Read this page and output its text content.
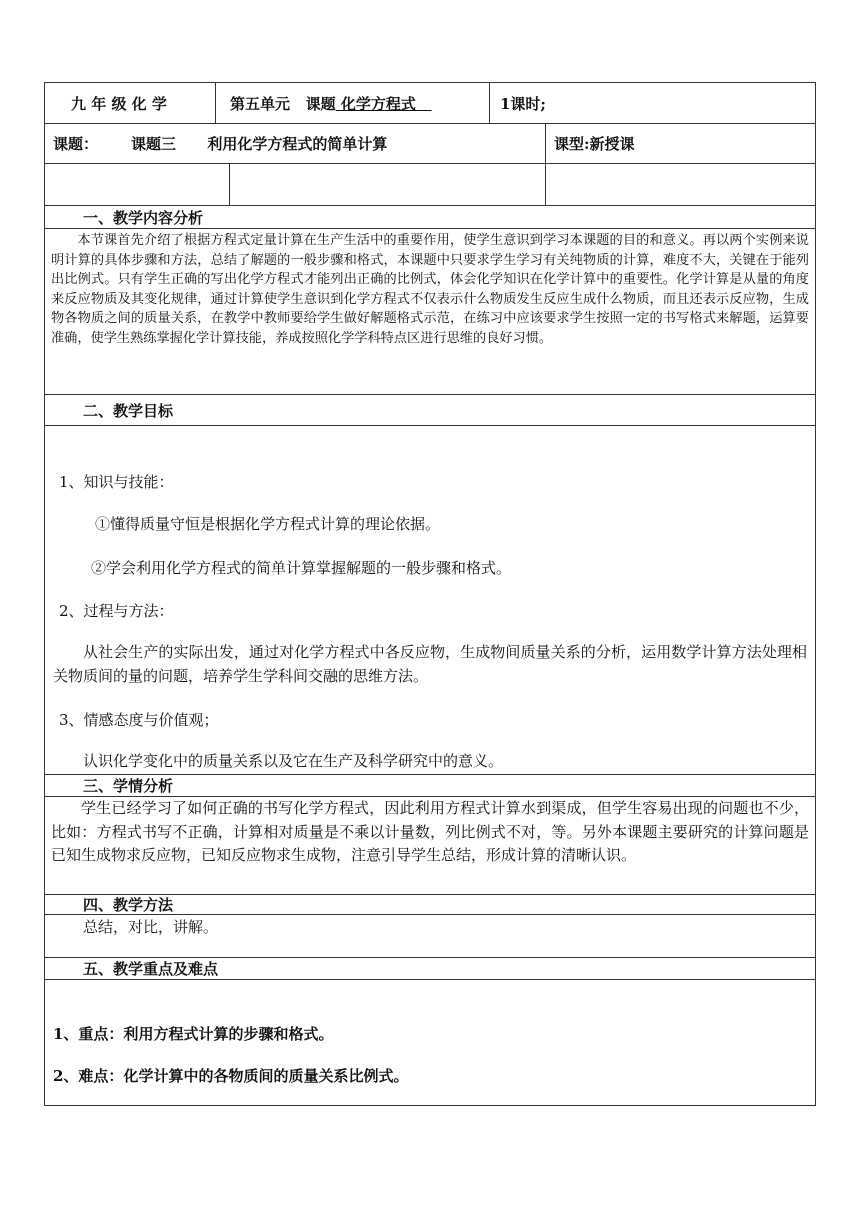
九 年 级 化 学	第五单元   课题 化学方程式	1课时;
课题：	课题三      利用化学方程式的简单计算	课型:新授课
一、教学内容分析
本节课首先介绍了根据方程式定量计算在生产生活中的重要作用，使学生意识到学习本课题的目的和意义。再以两个实例来说明计算的具体步骤和方法，总结了解题的一般步骤和格式，本课题中只要求学生学习有关纯物质的计算，难度不大，关键在于能列出比例式。只有学生正确的写出化学方程式才能列出正确的比例式，体会化学知识在化学计算中的重要性。化学计算是从量的角度来反应物质及其变化规律，通过计算使学生意识到化学方程式不仅表示什么物质发生反应生成什么物质，而且还表示反应物，生成物各物质之间的质量关系，在教学中教师要给学生做好解题格式示范，在练习中应该要求学生按照一定的书写格式来解题，运算要准确，使学生熟练掌握化学计算技能，养成按照化学学科特点区进行思维的良好习惯。
二、教学目标
1、知识与技能：
①懂得质量守恒是根据化学方程式计算的理论依据。
②学会利用化学方程式的简单计算掌握解题的一般步骤和格式。
2、过程与方法：
从社会生产的实际出发，通过对化学方程式中各反应物，生成物间质量关系的分析，运用数学计算方法处理相关物质间的量的问题，培养学生学科间交融的思维方法。
3、情感态度与价值观；
认识化学变化中的质量关系以及它在生产及科学研究中的意义。
三、学情分析
学生已经学习了如何正确的书写化学方程式，因此利用方程式计算水到渠成，但学生容易出现的问题也不少，比如：方程式书写不正确，计算相对质量是不乘以计量数，列比例式不对，等。另外本课题主要研究的计算问题是已知生成物求反应物，已知反应物求生成物，注意引导学生总结，形成计算的清晰认识。
四、教学方法
总结，对比，讲解。
五、教学重点及难点
1、重点：利用方程式计算的步骤和格式。
2、难点：化学计算中的各物质间的质量关系比例式。
